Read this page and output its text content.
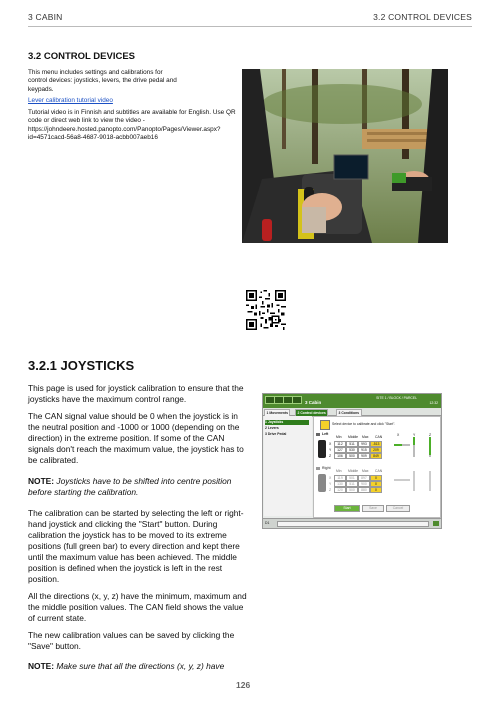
3 CABIN	3.2 CONTROL DEVICES
3.2 CONTROL DEVICES
This menu includes settings and calibrations for control devices: joysticks, levers, the drive pedal and keypads.
Lever calibration tutorial video
Tutorial video is in Finnish and subtitles are available for English. Use QR code or direct web link to view the video - https://johndeere.hosted.panopto.com/Panopto/Pages/Viewer.aspx?id=4571cacd-56a8-4687-9018-acbb007aeb16
3.2.1 JOYSTICKS

This page is used for joystick calibration to ensure that the joysticks have the maximum control range.

The CAN signal value should be 0 when the joystick is in the neutral position and -1000 or 1000 (depending on the direction) in the extreme position. If some of the CAN signals don't reach the maximum value, the joystick has to be calibrated.

NOTE: Joysticks have to be shifted into centre position before starting the calibration.

The calibration can be started by selecting the left or right-hand joystick and clicking the "Start" button. During calibration the joystick has to be moved to its extreme positions (full green bar) to every direction and kept there until the maximum value has been achieved. The middle position is defined when the joystick is left in the rest position.

All the directions (x, y, z) have the minimum, maximum and the middle position values. The CAN field shows the value of current state.

The new calibration values can be saved by clicking the "Save" button.

NOTE: Make sure that all the directions (x, y, z) have

3 Cabin
SITE 1 / BLOCK / PARCEL
12:32
1 Movements	2 Control devices	3 Conditions
1 Joysticks
2 Levers
3 Drive Pedal
Select device to calibrate and click "Start".
Left
Min Middle Max CAN
X	112	511	993	-513
Y	127	530	915	209
Z	106	500	909	849
X	Y	Z
Right
Min Middle Max CAN
X	119	501	897	0
Y	130	511	900	0
Z	120	500	880	0
Start	Save	Cancel
D1
126
